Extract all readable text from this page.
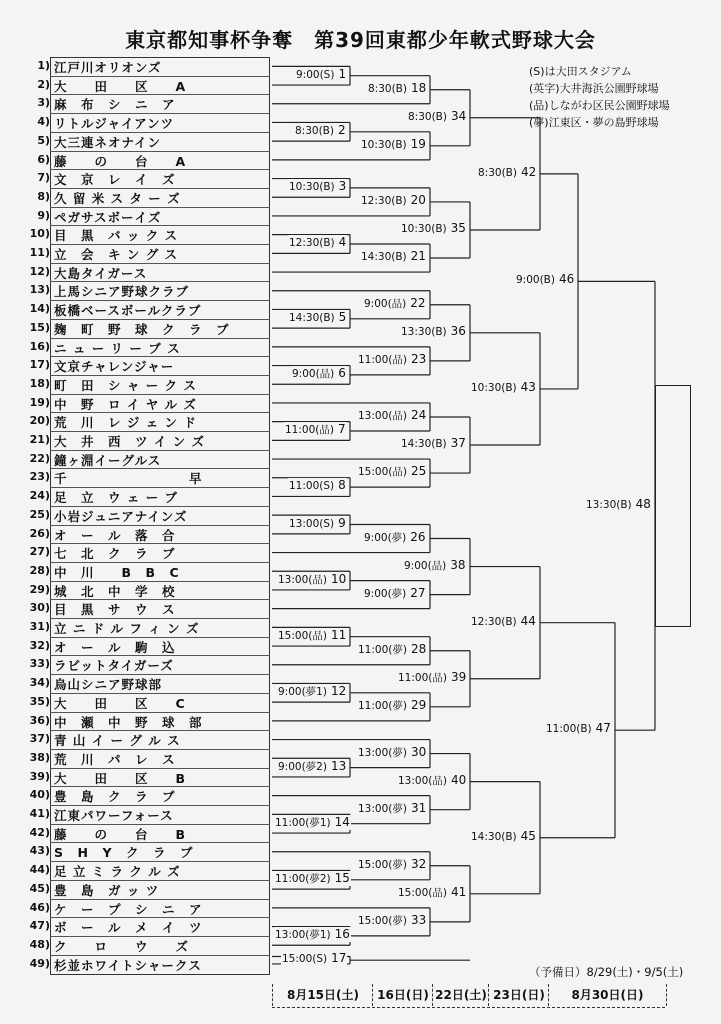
東京都知事杯争奪　第39回東都少年軟式野球大会
1) 江戸川オリオンズ
2) 大　　田　　区　　A
3) 麻　布　シ　ニ　ア
4) リトルジャイアンツ
5) 大三連ネオナイン
6) 藤　　の　　台　　A
7) 文　京　レ　イ　ズ
8) 久 留 米 ス タ ー ズ
9) ペガサスボーイズ
10) 目　黒　バ ッ ク ス
11) 立　会　キ ン グ ス
12) 大島タイガース
13) 上馬シニア野球クラブ
14) 板橋ベースボールクラブ
15) 麹　町　野　球　ク　ラ　ブ
16) ニ ュ ー リ ー ブ ス
17) 文京チャレンジャー
18) 町　田　シ ャ ー ク ス
19) 中　野　ロ イ ヤ ル ズ
20) 荒　川　レ ジ ェ ン ド
21) 大　井　西　ツ イ ン ズ
22) 鐘ヶ淵イーグルス
23) 千　　　　　　　　　早
24) 足　立　ウ ェ ー ブ
25) 小岩ジュニアナインズ
26) オ　ー　ル　落　合
27) 七　北　ク　ラ　ブ
28) 中　川　　B　B　C
29) 城　北　中　学　校
30) 目　黒　サ　ウ　ス
31) 立 ニ ド ル フ ィ ン ズ
32) オ　ー　ル　駒　込
33) ラビットタイガーズ
34) 烏山シニア野球部
35) 大　　田　　区　　C
36) 中　瀬　中　野　球　部
37) 青 山 イ ー グ ル ス
38) 荒　川　パ　レ　ス
39) 大　　田　　区　　B
40) 豊　島　ク　ラ　ブ
41) 江東パワーフォース
42) 藤　　の　　台　　B
43) S　H　Y　ク　ラ　ブ
44) 足 立 ミ ラ ク ル ズ
45) 豊　島　ガ ッ ツ
46) ケ　ー　プ　シ　ニ　ア
47) ボ　ー　ル　メ　イ　ツ
48) ク　　ロ　　ウ　　ズ
49) 杉並ホワイトシャークス
9:00(S) 1
8:30(B) 18
8:30(B) 2
10:30(B) 19
8:30(B) 34
10:30(B) 3
12:30(B) 20
12:30(B) 4
14:30(B) 21
10:30(B) 35
8:30(B) 42
9:00(品) 22
14:30(B) 5
11:00(品) 23
13:30(B) 36
9:00(品) 6
13:00(品) 24
11:00(品) 7
15:00(品) 25
11:00(S) 8
14:30(B) 37
10:30(B) 43
9:00(B) 46
13:00(S) 9
9:00(夢) 26
13:00(品) 10
9:00(夢) 27
9:00(品) 38
15:00(品) 11
11:00(夢) 28
9:00(夢1) 12
11:00(夢) 29
11:00(品) 39
12:30(B) 44
13:00(夢) 30
9:00(夢2) 13
13:00(夢) 31
11:00(夢1) 14
13:00(品) 40
15:00(夢) 32
11:00(夢2) 15
13:00(夢1) 16
15:00(夢) 33
15:00(S) 17
15:00(品) 41
14:30(B) 45
11:00(B) 47
13:30(B) 48
(S)は大田スタジアム
(英字)大井海浜公園野球場
(品)しながわ区民公園野球場
(夢)江東区・夢の島野球場
（予備日）8/29(土)・9/5(土)
8月15日(土)	16日(日) 22日(土) 23日(日)	8月30日(日)
